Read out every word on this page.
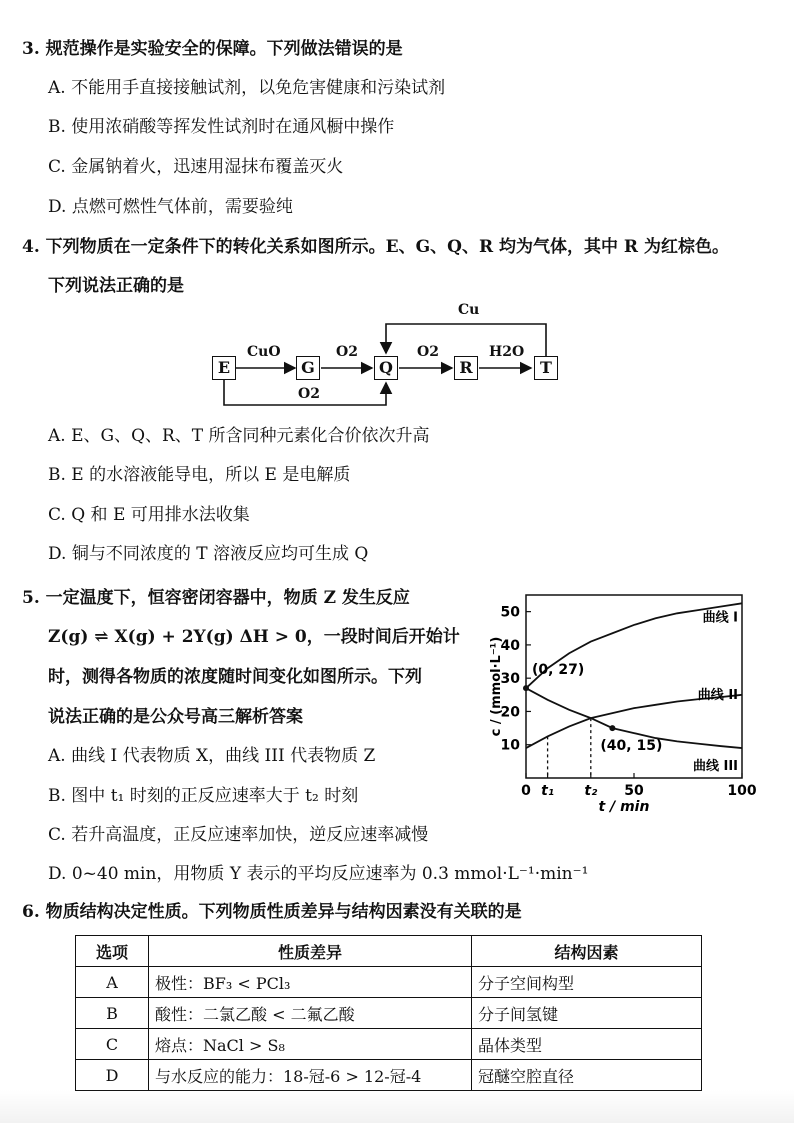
3. 规范操作是实验安全的保障。下列做法错误的是
A. 不能用手直接接触试剂，以免危害健康和污染试剂
B. 使用浓硝酸等挥发性试剂时在通风橱中操作
C. 金属钠着火，迅速用湿抹布覆盖灭火
D. 点燃可燃性气体前，需要验纯
4. 下列物质在一定条件下的转化关系如图所示。E、G、Q、R 均为气体，其中 R 为红棕色。
下列说法正确的是
E	G	Q	R	T
CuO	O2	O2	H2O
Cu
O2
A. E、G、Q、R、T 所含同种元素化合价依次升高
B. E 的水溶液能导电，所以 E 是电解质
C. Q 和 E 可用排水法收集
D. 铜与不同浓度的 T 溶液反应均可生成 Q
5. 一定温度下，恒容密闭容器中，物质 Z 发生反应
Z(g) ⇌ X(g) + 2Y(g) ΔH > 0，一段时间后开始计
时，测得各物质的浓度随时间变化如图所示。下列
说法正确的是公众号高三解析答案
A. 曲线 I 代表物质 X，曲线 III 代表物质 Z
B. 图中 t₁ 时刻的正反应速率大于 t₂ 时刻
C. 若升高温度，正反应速率加快，逆反应速率减慢
D. 0~40 min，用物质 Y 表示的平均反应速率为 0.3 mmol·L⁻¹·min⁻¹
10
20
30
40
50
0 t₁ t₂ 50	100
曲线 I
曲线 II
曲线 III
(0, 27)
(40, 15)
t / min
c / (mmol·L⁻¹)
6. 物质结构决定性质。下列物质性质差异与结构因素没有关联的是
选项	性质差异	结构因素
A	极性：BF₃ < PCl₃	分子空间构型
B	酸性：二氯乙酸 < 二氟乙酸	分子间氢键
C	熔点：NaCl > S₈	晶体类型
D	与水反应的能力：18-冠-6 > 12-冠-4	冠醚空腔直径
